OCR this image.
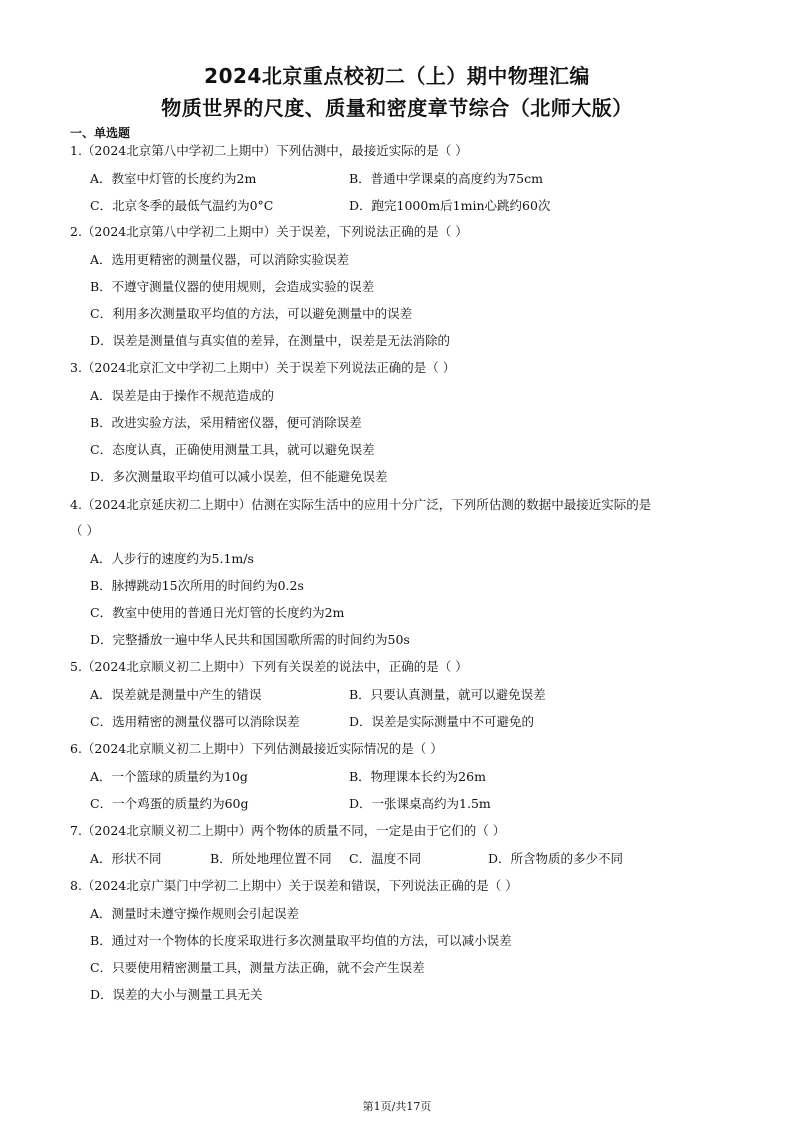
2024北京重点校初二（上）期中物理汇编
物质世界的尺度、质量和密度章节综合（北师大版）
一、单选题
1.（2024北京第八中学初二上期中）下列估测中，最接近实际的是（ ）
A．教室中灯管的长度约为2m	B．普通中学课桌的高度约为75cm
C．北京冬季的最低气温约为0°C	D．跑完1000m后1min心跳约60次
2.（2024北京第八中学初二上期中）关于误差，下列说法正确的是（ ）
A．选用更精密的测量仪器，可以消除实验误差
B．不遵守测量仪器的使用规则，会造成实验的误差
C．利用多次测量取平均值的方法，可以避免测量中的误差
D．误差是测量值与真实值的差异，在测量中，误差是无法消除的
3.（2024北京汇文中学初二上期中）关于误差下列说法正确的是（ ）
A．误差是由于操作不规范造成的
B．改进实验方法，采用精密仪器，便可消除误差
C．态度认真，正确使用测量工具，就可以避免误差
D．多次测量取平均值可以减小误差，但不能避免误差
4.（2024北京延庆初二上期中）估测在实际生活中的应用十分广泛，下列所估测的数据中最接近实际的是
（ ）
A．人步行的速度约为5.1m/s
B．脉搏跳动15次所用的时间约为0.2s
C．教室中使用的普通日光灯管的长度约为2m
D．完整播放一遍中华人民共和国国歌所需的时间约为50s
5.（2024北京顺义初二上期中）下列有关误差的说法中，正确的是（ ）
A．误差就是测量中产生的错误	B．只要认真测量，就可以避免误差
C．选用精密的测量仪器可以消除误差	D．误差是实际测量中不可避免的
6.（2024北京顺义初二上期中）下列估测最接近实际情况的是（ ）
A．一个篮球的质量约为10g	B．物理课本长约为26m
C．一个鸡蛋的质量约为60g	D．一张课桌高约为1.5m
7.（2024北京顺义初二上期中）两个物体的质量不同，一定是由于它们的（ ）
A．形状不同	B．所处地理位置不同 C．温度不同	D．所含物质的多少不同
8.（2024北京广渠门中学初二上期中）关于误差和错误，下列说法正确的是（ ）
A．测量时未遵守操作规则会引起误差
B．通过对一个物体的长度采取进行多次测量取平均值的方法，可以减小误差
C．只要使用精密测量工具，测量方法正确，就不会产生误差
D．误差的大小与测量工具无关
第1页/共17页
